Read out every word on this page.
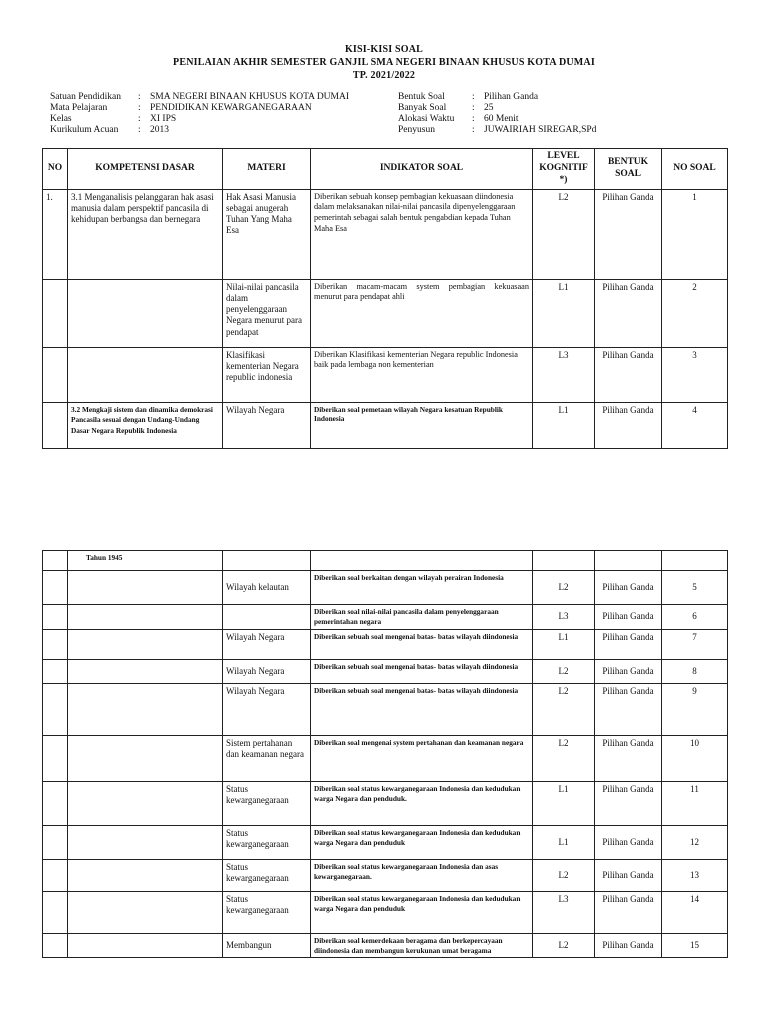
KISI-KISI SOAL
PENILAIAN AKHIR SEMESTER GANJIL SMA NEGERI BINAAN KHUSUS KOTA DUMAI
TP. 2021/2022
Satuan Pendidikan : SMA NEGERI BINAAN KHUSUS KOTA DUMAI
Mata Pelajaran	: PENDIDIKAN KEWARGANEGARAAN
Kelas	: XI IPS
Kurikulum Acuan : 2013
Bentuk Soal	: Pilihan Ganda
Banyak Soal	: 25
Alokasi Waktu : 60 Menit
Penyusun	: JUWAIRIAH SIREGAR,SPd
NO	KOMPETENSI DASAR	MATERI	INDIKATOR SOAL	LEVEL KOGNITIF *)	BENTUK SOAL	NO SOAL
1.	3.1 Menganalisis pelanggaran hak asasi manusia dalam perspektif pancasila di kehidupan berbangsa dan bernegara	Hak Asasi Manusia sebagai anugerah Tuhan Yang Maha Esa	Diberikan sebuah konsep pembagian kekuasaan diindonesia dalam melaksanakan nilai-nilai pancasila dipenyelenggaraan pemerintah sebagai salah bentuk pengabdian kepada Tuhan Maha Esa	L2	Pilihan Ganda	1
		Nilai-nilai pancasila dalam penyelenggaraan Negara menurut para pendapat	Diberikan macam-macam system pembagian kekuasaan menurut para pendapat ahli	L1	Pilihan Ganda	2
		Klasifikasi kementerian Negara republic indonesia	Diberikan Klasifikasi kementerian Negara republic Indonesia baik pada lembaga non kementerian	L3	Pilihan Ganda	3
	3.2 Mengkaji sistem dan dinamika demokrasi Pancasila sesuai dengan Undang-Undang Dasar Negara Republik Indonesia	Wilayah Negara	Diberikan soal pemetaan wilayah Negara kesatuan Republik Indonesia	L1	Pilihan Ganda	4
	Tahun 1945					
		Wilayah kelautan	Diberikan soal berkaitan dengan wilayah perairan Indonesia	L2	Pilihan Ganda	5
			Diberikan soal nilai-nilai pancasila dalam penyelenggaraan pemerintahan negara	L3	Pilihan Ganda	6
		Wilayah Negara	Diberikan sebuah soal mengenai batas- batas wilayah diindonesia	L1	Pilihan Ganda	7
		Wilayah Negara	Diberikan sebuah soal mengenai batas- batas wilayah diindonesia	L2	Pilihan Ganda	8
		Wilayah Negara	Diberikan sebuah soal mengenai batas- batas wilayah diindonesia	L2	Pilihan Ganda	9
		Sistem pertahanan dan keamanan negara	Diberikan soal mengenai system pertahanan dan keamanan negara	L2	Pilihan Ganda	10
		Status kewarganegaraan	Diberikan soal status kewarganegaraan Indonesia dan kedudukan warga Negara dan penduduk.	L1	Pilihan Ganda	11
		Status kewarganegaraan	Diberikan soal status kewarganegaraan Indonesia dan kedudukan warga Negara dan penduduk	L1	Pilihan Ganda	12
		Status kewarganegaraan	Diberikan soal status kewarganegaraan Indonesia dan asas kewarganegaraan.	L2	Pilihan Ganda	13
		Status kewarganegaraan	Diberikan soal status kewarganegaraan Indonesia dan kedudukan warga Negara dan penduduk	L3	Pilihan Ganda	14
		Membangun	Diberikan soal kemerdekaan beragama dan berkepercayaan diindonesia dan membangun kerukunan umat beragama	L2	Pilihan Ganda	15
